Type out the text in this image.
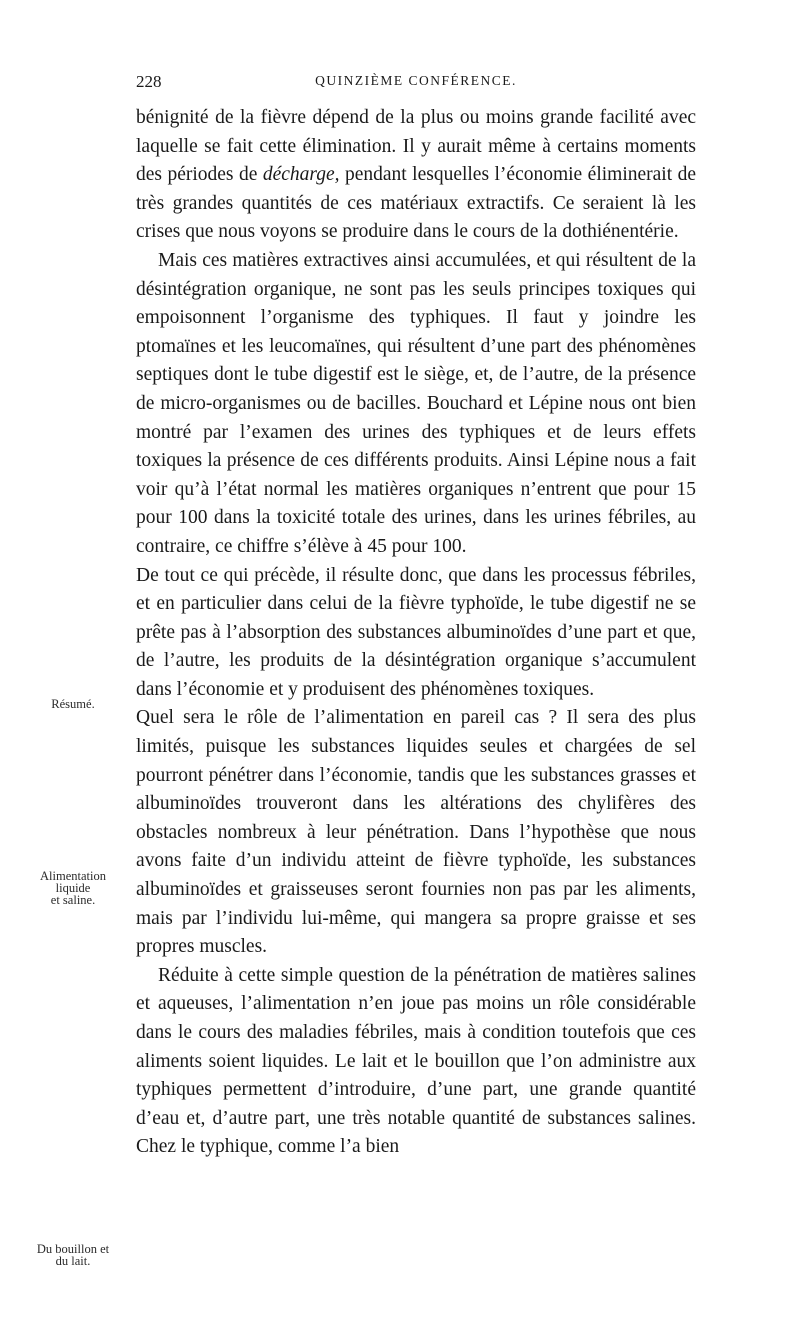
228	QUINZIÈME CONFÉRENCE.

bénignité de la fièvre dépend de la plus ou moins grande facilité avec laquelle se fait cette élimination. Il y aurait même à certains moments des périodes de décharge, pendant lesquelles l’économie éliminerait de très grandes quantités de ces matériaux extractifs. Ce seraient là les crises que nous voyons se produire dans le cours de la dothiénentérie.

Mais ces matières extractives ainsi accumulées, et qui résultent de la désintégration organique, ne sont pas les seuls principes toxiques qui empoisonnent l’organisme des typhiques. Il faut y joindre les ptomaïnes et les leucomaïnes, qui résultent d’une part des phénomènes septiques dont le tube digestif est le siège, et, de l’autre, de la présence de micro-organismes ou de bacilles. Bouchard et Lépine nous ont bien montré par l’examen des urines des typhiques et de leurs effets toxiques la présence de ces différents produits. Ainsi Lépine nous a fait voir qu’à l’état normal les matières organiques n’entrent que pour 15 pour 100 dans la toxicité totale des urines, dans les urines fébriles, au contraire, ce chiffre s’élève à 45 pour 100.

De tout ce qui précède, il résulte donc, que dans les processus fébriles, et en particulier dans celui de la fièvre typhoïde, le tube digestif ne se prête pas à l’absorption des substances albuminoïdes d’une part et que, de l’autre, les produits de la désintégration organique s’accumulent dans l’économie et y produisent des phénomènes toxiques.

Quel sera le rôle de l’alimentation en pareil cas ? Il sera des plus limités, puisque les substances liquides seules et chargées de sel pourront pénétrer dans l’économie, tandis que les substances grasses et albuminoïdes trouveront dans les altérations des chylifères des obstacles nombreux à leur pénétration. Dans l’hypothèse que nous avons faite d’un individu atteint de fièvre typhoïde, les substances albuminoïdes et graisseuses seront fournies non pas par les aliments, mais par l’individu lui-même, qui mangera sa propre graisse et ses propres muscles.

Réduite à cette simple question de la pénétration de matières salines et aqueuses, l’alimentation n’en joue pas moins un rôle considérable dans le cours des maladies fébriles, mais à condition toutefois que ces aliments soient liquides. Le lait et le bouillon que l’on administre aux typhiques permettent d’introduire, d’une part, une grande quantité d’eau et, d’autre part, une très notable quantité de substances salines. Chez le typhique, comme l’a bien

Résumé.
Alimentation
liquide
et saline.
Du bouillon et
du lait.
